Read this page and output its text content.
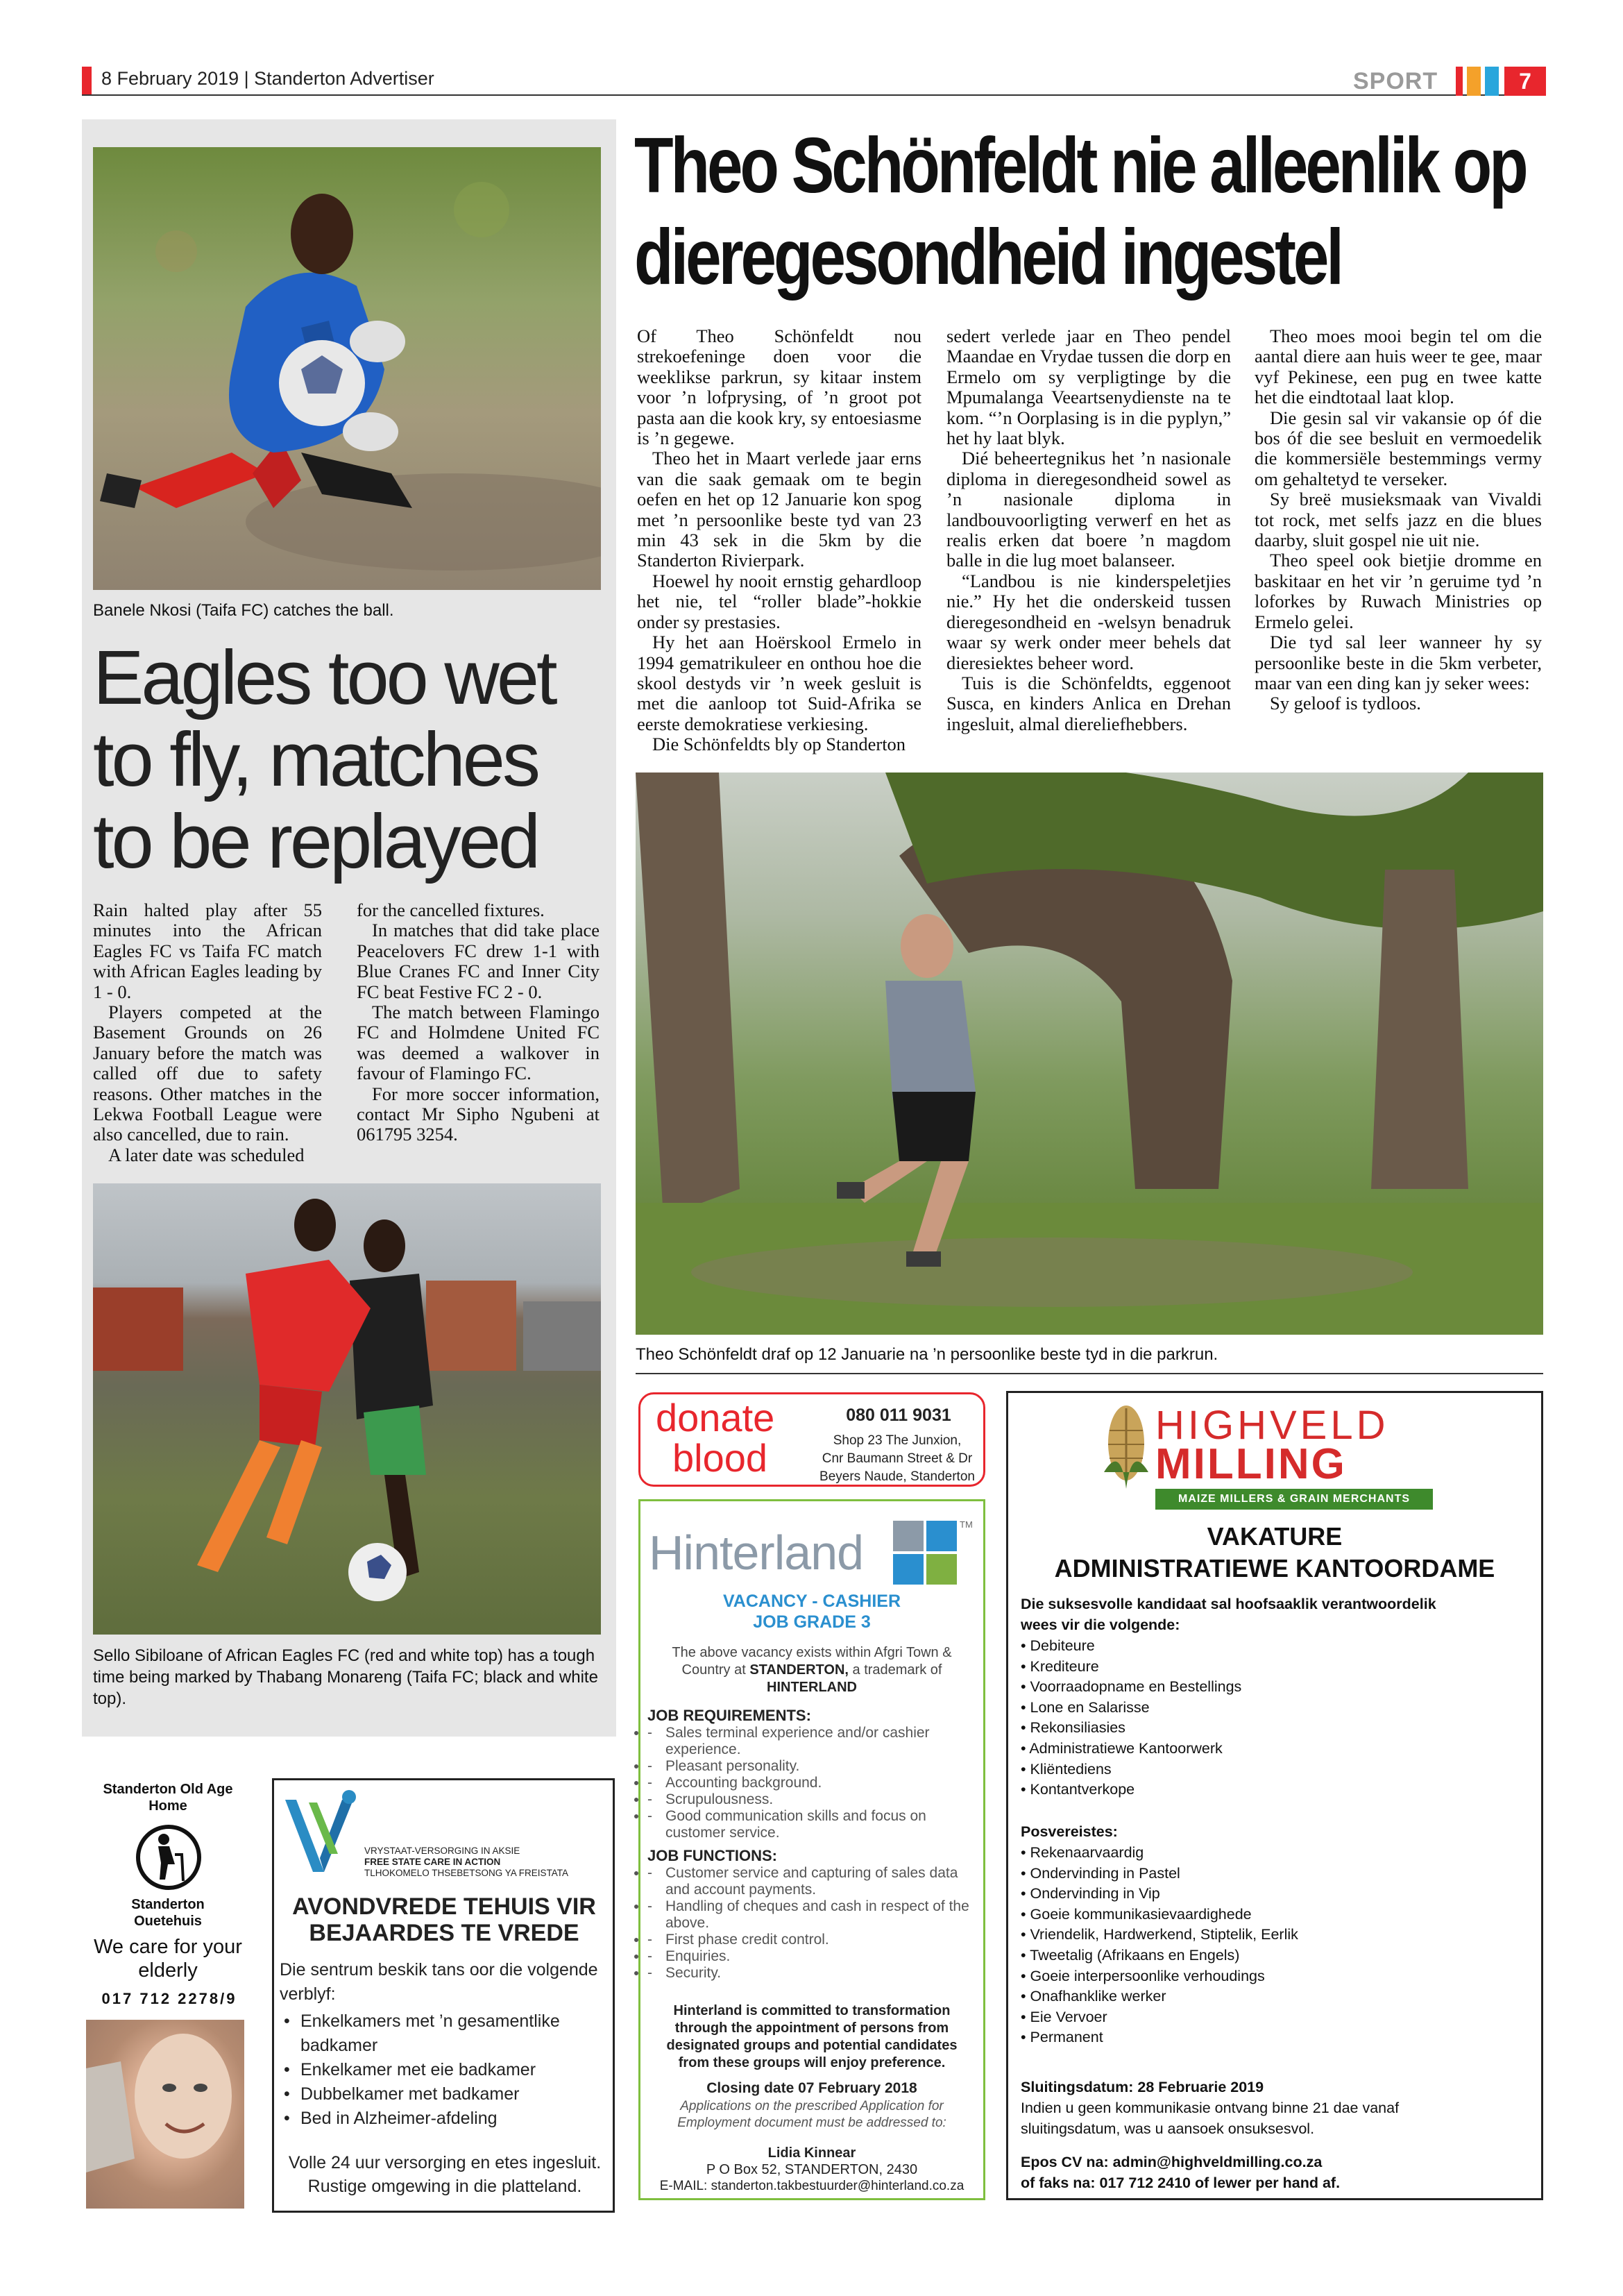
8 February 2019 | Standerton Advertiser	SPORT	7
Banele Nkosi (Taifa FC) catches the ball.
Eagles too wet to fly, matches to be replayed

Rain halted play after 55 minutes into the African Eagles FC vs Taifa FC match with African Eagles leading by 1 - 0.

Players competed at the Basement Grounds on 26 January before the match was called off due to safety reasons. Other matches in the Lekwa Football League were also cancelled, due to rain.

A later date was scheduled

for the cancelled fixtures.

In matches that did take place Peacelovers FC drew 1-1 with Blue Cranes FC and Inner City FC beat Festive FC 2 - 0.

The match between Flamingo FC and Holmdene United FC was deemed a walkover in favour of Flamingo FC.

For more soccer information, contact Mr Sipho Ngubeni at 061795 3254.

Sello Sibiloane of African Eagles FC (red and white top) has a tough time being marked by Thabang Monareng (Taifa FC; black and white top).
Theo Schönfeldt nie alleenlik op dieregesondheid ingestel

Of Theo Schönfeldt nou strekoefeninge doen voor die weeklikse parkrun, sy kitaar instem voor ’n lofprysing, of ’n groot pot pasta aan die kook kry, sy entoesiasme is ’n gegewe.

Theo het in Maart verlede jaar erns van die saak gemaak om te begin oefen en het op 12 Januarie kon spog met ’n persoonlike beste tyd van 23 min 43 sek in die 5km by die Standerton Rivierpark.

Hoewel hy nooit ernstig gehardloop het nie, tel “roller blade”-hokkie onder sy prestasies.

Hy het aan Hoërskool Ermelo in 1994 gematrikuleer en onthou hoe die skool destyds vir ’n week gesluit is met die aanloop tot Suid-Afrika se eerste demokratiese verkiesing.

Die Schönfeldts bly op Standerton

sedert verlede jaar en Theo pendel Maandae en Vrydae tussen die dorp en Ermelo om sy verpligtinge by die Mpumalanga Veeartsenydienste na te kom. “’n Oorplasing is in die pyplyn,” het hy laat blyk.

Dié beheertegnikus het ’n nasionale diploma in dieregesondheid sowel as ’n nasionale diploma in landbouvoorligting verwerf en het as realis erken dat boere ’n magdom balle in die lug moet balanseer.

“Landbou is nie kinderspeletjies nie.” Hy het die onderskeid tussen dieregesondheid en -welsyn benadruk waar sy werk onder meer behels dat dieresiektes beheer word.

Tuis is die Schönfeldts, eggenoot Susca, en kinders Anlica en Drehan ingesluit, almal diereliefhebbers.

Theo moes mooi begin tel om die aantal diere aan huis weer te gee, maar vyf Pekinese, een pug en twee katte het die eindtotaal laat klop.

Die gesin sal vir vakansie op óf die bos óf die see besluit en vermoedelik die kommersiële bestemmings vermy om gehaltetyd te verseker.

Sy breë musieksmaak van Vivaldi tot rock, met selfs jazz en die blues daarby, sluit gospel nie uit nie.

Theo speel ook bietjie dromme en baskitaar en het vir ’n geruime tyd ’n loforkes by Ruwach Ministries op Ermelo gelei.

Die tyd sal leer wanneer hy sy persoonlike beste in die 5km verbeter, maar van een ding kan jy seker wees:

Sy geloof is tydloos.

Theo Schönfeldt draf op 12 Januarie na ’n persoonlike beste tyd in die parkrun.
Standerton Old Age Home
Standerton Ouetehuis
We care for your elderly
017 712 2278/9
VRYSTAAT-VERSORGING IN AKSIE
FREE STATE CARE IN ACTION
TLHOKOMELO THSEBETSONG YA FREISTATA
AVONDVREDE TEHUIS VIR BEJAARDES TE VREDE
Die sentrum beskik tans oor die volgende verblyf:
• Enkelkamers met ’n gesamentlike badkamer
• Enkelkamer met eie badkamer
• Dubbelkamer met badkamer
• Bed in Alzheimer-afdeling
Volle 24 uur versorging en etes ingesluit. Rustige omgewing in die platteland.
donate
blood
080 011 9031
Shop 23 The Junxion,
Cnr Baumann Street & Dr
Beyers Naude, Standerton
Hinterland
TM
VACANCY - CASHIER
JOB GRADE 3
The above vacancy exists within Afgri Town &
Country at STANDERTON, a trademark of
HINTERLAND
JOB REQUIREMENTS:
- • Sales terminal experience and/or cashier experience.
- • Pleasant personality.
- • Accounting background.
- • Scrupulousness.
- • Good communication skills and focus on customer service.
JOB FUNCTIONS:
- • Customer service and capturing of sales data and account payments.
- • Handling of cheques and cash in respect of the above.
- • First phase credit control.
- • Enquiries.
- • Security.
Hinterland is committed to transformation through the appointment of persons from designated groups and potential candidates from these groups will enjoy preference.
Closing date 07 February 2018
Applications on the prescribed Application for Employment document must be addressed to:
Lidia Kinnear
P O Box 52, STANDERTON, 2430
E-MAIL: standerton.takbestuurder@hinterland.co.za
HIGHVELD
MILLING
MAIZE MILLERS & GRAIN MERCHANTS
VAKATURE
ADMINISTRATIEWE KANTOORDAME
Die suksesvolle kandidaat sal hoofsaaklik verantwoordelik wees vir die volgende:
• Debiteure
• Krediteure
• Voorraadopname en Bestellings
• Lone en Salarisse
• Rekonsiliasies
• Administratiewe Kantoorwerk
• Kliëntediens
• Kontantverkope
Posvereistes:
• Rekenaarvaardig
• Ondervinding in Pastel
• Ondervinding in Vip
• Goeie kommunikasievaardighede
• Vriendelik, Hardwerkend, Stiptelik, Eerlik
• Tweetalig (Afrikaans en Engels)
• Goeie interpersoonlike verhoudings
• Onafhanklike werker
• Eie Vervoer
• Permanent
Sluitingsdatum: 28 Februarie 2019
Indien u geen kommunikasie ontvang binne 21 dae vanaf sluitingsdatum, was u aansoek onsuksesvol.
Epos CV na: admin@highveldmilling.co.za
of faks na: 017 712 2410 of lewer per hand af.
